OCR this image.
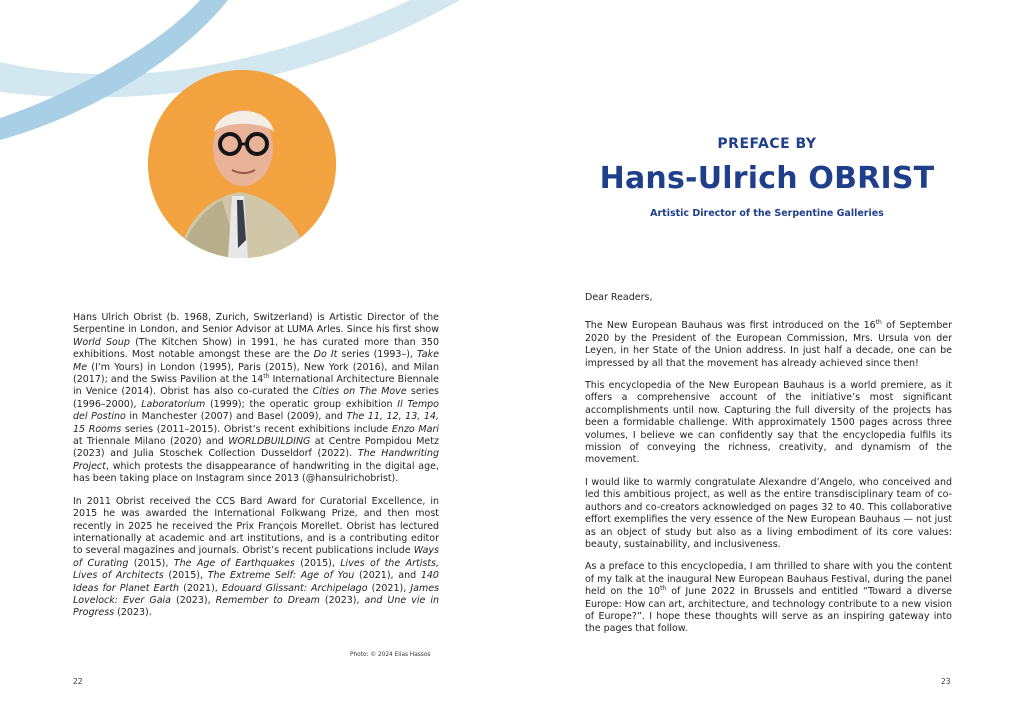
Hans Ulrich Obrist (b. 1968, Zurich, Switzerland) is Artistic Director of the Serpentine in London, and Senior Advisor at LUMA Arles. Since his first show World Soup (The Kitchen Show) in 1991, he has curated more than 350 exhibitions. Most notable amongst these are the Do It series (1993–), Take Me (I’m Yours) in London (1995), Paris (2015), New York (2016), and Milan (2017); and the Swiss Pavilion at the 14th International Architecture Biennale in Venice (2014). Obrist has also co-curated the Cities on The Move series (1996–2000), Laboratorium (1999); the operatic group exhibition Il Tempo del Postino in Manchester (2007) and Basel (2009), and The 11, 12, 13, 14, 15 Rooms series (2011–2015). Obrist’s recent exhibitions include Enzo Mari at Triennale Milano (2020) and WORLDBUILDING at Centre Pompidou Metz (2023) and Julia Stoschek Collection Dusseldorf (2022). The Handwriting Project, which protests the disappearance of handwriting in the digital age, has been taking place on Instagram since 2013 (@hansulrichobrist).

In 2011 Obrist received the CCS Bard Award for Curatorial Excellence, in 2015 he was awarded the International Folkwang Prize, and then most recently in 2025 he received the Prix François Morellet. Obrist has lectured internationally at academic and art institutions, and is a contributing editor to several magazines and journals. Obrist’s recent publications include Ways of Curating (2015), The Age of Earthquakes (2015), Lives of the Artists, Lives of Architects (2015), The Extreme Self: Age of You (2021), and 140 Ideas for Planet Earth (2021), Edouard Glissant: Archipelago (2021), James Lovelock: Ever Gaia (2023), Remember to Dream (2023), and Une vie in Progress (2023).

Photo: © 2024 Elias Hassos
22

PREFACE BY

Hans-Ulrich OBRIST

Artistic Director of the Serpentine Galleries

Dear Readers,

The New European Bauhaus was first introduced on the 16th of September 2020 by the President of the European Commission, Mrs. Ursula von der Leyen, in her State of the Union address. In just half a decade, one can be impressed by all that the movement has already achieved since then!

This encyclopedia of the New European Bauhaus is a world premiere, as it offers a comprehensive account of the initiative’s most significant accomplishments until now. Capturing the full diversity of the projects has been a formidable challenge. With approximately 1500 pages across three volumes, I believe we can confidently say that the encyclopedia fulfils its mission of conveying the richness, creativity, and dynamism of the movement.

I would like to warmly congratulate Alexandre d’Angelo, who conceived and led this ambitious project, as well as the entire transdisciplinary team of co-authors and co-creators acknowledged on pages 32 to 40. This collaborative effort exemplifies the very essence of the New European Bauhaus — not just as an object of study but also as a living embodiment of its core values: beauty, sustainability, and inclusiveness.

As a preface to this encyclopedia, I am thrilled to share with you the content of my talk at the inaugural New European Bauhaus Festival, during the panel held on the 10th of June 2022 in Brussels and entitled “Toward a diverse Europe: How can art, architecture, and technology contribute to a new vision of Europe?”. I hope these thoughts will serve as an inspiring gateway into the pages that follow.

23
